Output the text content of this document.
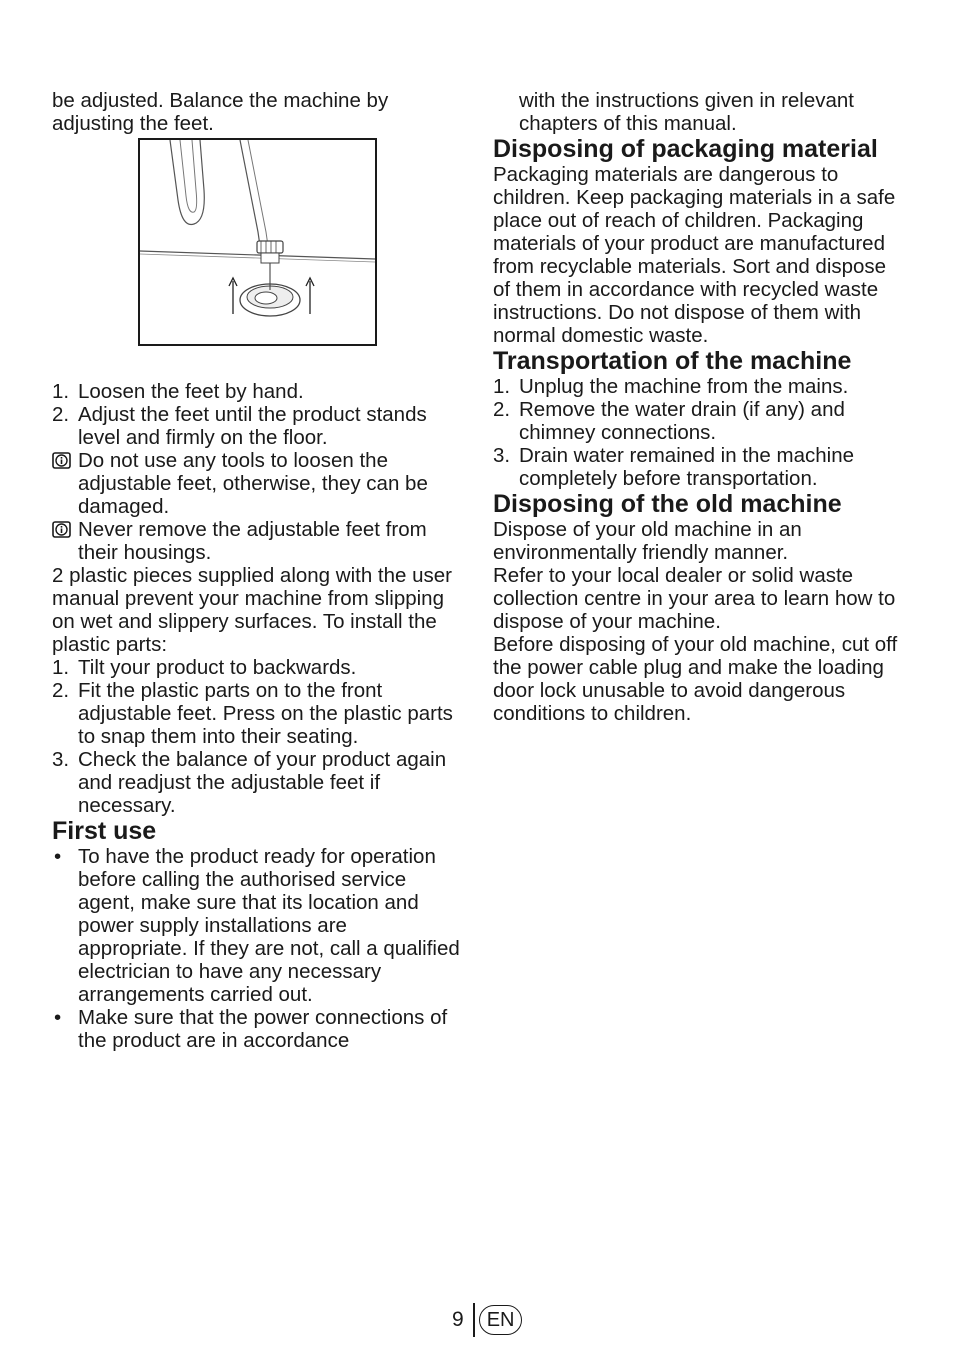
be adjusted. Balance the machine by adjusting the feet.

1. Loosen the feet by hand.
2. Adjust the feet until the product stands level and firmly on the floor.
Do not use any tools to loosen the adjustable feet, otherwise, they can be damaged.
Never remove the adjustable feet from their housings.

2 plastic pieces supplied along with the user manual prevent your machine from slipping on wet and slippery surfaces. To install the plastic parts:

1. Tilt your product to backwards.
2. Fit the plastic parts on to the front adjustable feet. Press on the plastic parts to snap them into their seating.
3. Check the balance of your product again and readjust the adjustable feet if necessary.
First use
• To have the product ready for operation before calling the authorised service agent, make sure that its location and power supply installations are appropriate. If they are not, call a qualified electrician to have any necessary arrangements carried out.
• Make sure that the power connections of the product are in accordance

with the instructions given in relevant chapters of this manual.

Disposing of packaging material

Packaging materials are dangerous to children. Keep packaging materials in a safe place out of reach of children. Packaging materials of your product are manufactured from recyclable materials. Sort and dispose of them in accordance with recycled waste instructions. Do not dispose of them with normal domestic waste.

Transportation of the machine
1. Unplug the machine from the mains.
2. Remove the water drain (if any) and chimney connections.
3. Drain water remained in the machine completely before transportation.
Disposing of the old machine

Dispose of your old machine in an environmentally friendly manner.

Refer to your local dealer or solid waste collection centre in your area to learn how to dispose of your machine.

Before disposing of your old machine, cut off the power cable plug and make the loading door lock unusable to avoid dangerous conditions to children.

9	EN
